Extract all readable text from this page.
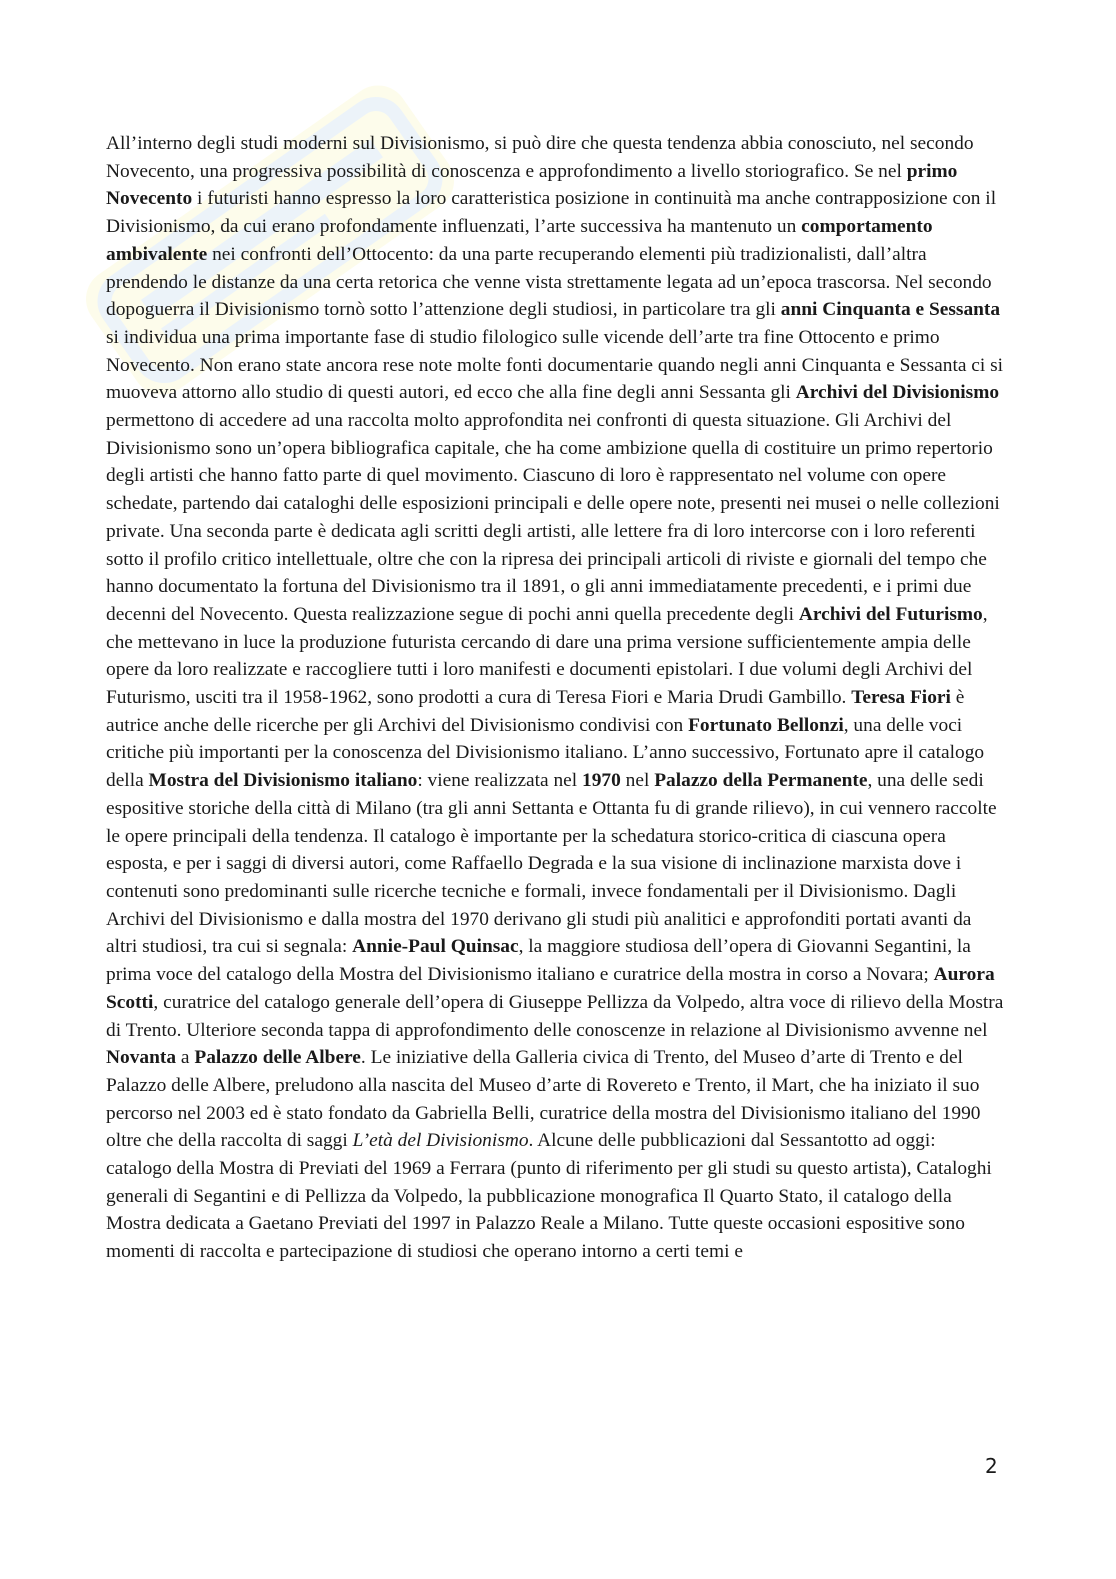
All’interno degli studi moderni sul Divisionismo, si può dire che questa tendenza abbia conosciuto, nel secondo Novecento, una progressiva possibilità di conoscenza e approfondimento a livello storiografico. Se nel primo Novecento i futuristi hanno espresso la loro caratteristica posizione in continuità ma anche contrapposizione con il Divisionismo, da cui erano profondamente influenzati, l’arte successiva ha mantenuto un comportamento ambivalente nei confronti dell’Ottocento: da una parte recuperando elementi più tradizionalisti, dall’altra prendendo le distanze da una certa retorica che venne vista strettamente legata ad un’epoca trascorsa. Nel secondo dopoguerra il Divisionismo tornò sotto l’attenzione degli studiosi, in particolare tra gli anni Cinquanta e Sessanta si individua una prima importante fase di studio filologico sulle vicende dell’arte tra fine Ottocento e primo Novecento. Non erano state ancora rese note molte fonti documentarie quando negli anni Cinquanta e Sessanta ci si muoveva attorno allo studio di questi autori, ed ecco che alla fine degli anni Sessanta gli Archivi del Divisionismo permettono di accedere ad una raccolta molto approfondita nei confronti di questa situazione. Gli Archivi del Divisionismo sono un’opera bibliografica capitale, che ha come ambizione quella di costituire un primo repertorio degli artisti che hanno fatto parte di quel movimento. Ciascuno di loro è rappresentato nel volume con opere schedate, partendo dai cataloghi delle esposizioni principali e delle opere note, presenti nei musei o nelle collezioni private. Una seconda parte è dedicata agli scritti degli artisti, alle lettere fra di loro intercorse con i loro referenti sotto il profilo critico intellettuale, oltre che con la ripresa dei principali articoli di riviste e giornali del tempo che hanno documentato la fortuna del Divisionismo tra il 1891, o gli anni immediatamente precedenti, e i primi due decenni del Novecento. Questa realizzazione segue di pochi anni quella precedente degli Archivi del Futurismo, che mettevano in luce la produzione futurista cercando di dare una prima versione sufficientemente ampia delle opere da loro realizzate e raccogliere tutti i loro manifesti e documenti epistolari. I due volumi degli Archivi del Futurismo, usciti tra il 1958-1962, sono prodotti a cura di Teresa Fiori e Maria Drudi Gambillo. Teresa Fiori è autrice anche delle ricerche per gli Archivi del Divisionismo condivisi con Fortunato Bellonzi, una delle voci critiche più importanti per la conoscenza del Divisionismo italiano. L’anno successivo, Fortunato apre il catalogo della Mostra del Divisionismo italiano: viene realizzata nel 1970 nel Palazzo della Permanente, una delle sedi espositive storiche della città di Milano (tra gli anni Settanta e Ottanta fu di grande rilievo), in cui vennero raccolte le opere principali della tendenza. Il catalogo è importante per la schedatura storico-critica di ciascuna opera esposta, e per i saggi di diversi autori, come Raffaello Degrada e la sua visione di inclinazione marxista dove i contenuti sono predominanti sulle ricerche tecniche e formali, invece fondamentali per il Divisionismo. Dagli Archivi del Divisionismo e dalla mostra del 1970 derivano gli studi più analitici e approfonditi portati avanti da altri studiosi, tra cui si segnala: Annie-Paul Quinsac, la maggiore studiosa dell’opera di Giovanni Segantini, la prima voce del catalogo della Mostra del Divisionismo italiano e curatrice della mostra in corso a Novara; Aurora Scotti, curatrice del catalogo generale dell’opera di Giuseppe Pellizza da Volpedo, altra voce di rilievo della Mostra di Trento. Ulteriore seconda tappa di approfondimento delle conoscenze in relazione al Divisionismo avvenne nel Novanta a Palazzo delle Albere. Le iniziative della Galleria civica di Trento, del Museo d’arte di Trento e del Palazzo delle Albere, preludono alla nascita del Museo d’arte di Rovereto e Trento, il Mart, che ha iniziato il suo percorso nel 2003 ed è stato fondato da Gabriella Belli, curatrice della mostra del Divisionismo italiano del 1990 oltre che della raccolta di saggi L’età del Divisionismo. Alcune delle pubblicazioni dal Sessantotto ad oggi: catalogo della Mostra di Previati del 1969 a Ferrara (punto di riferimento per gli studi su questo artista), Cataloghi generali di Segantini e di Pellizza da Volpedo, la pubblicazione monografica Il Quarto Stato, il catalogo della Mostra dedicata a Gaetano Previati del 1997 in Palazzo Reale a Milano. Tutte queste occasioni espositive sono momenti di raccolta e partecipazione di studiosi che operano intorno a certi temi e

2
